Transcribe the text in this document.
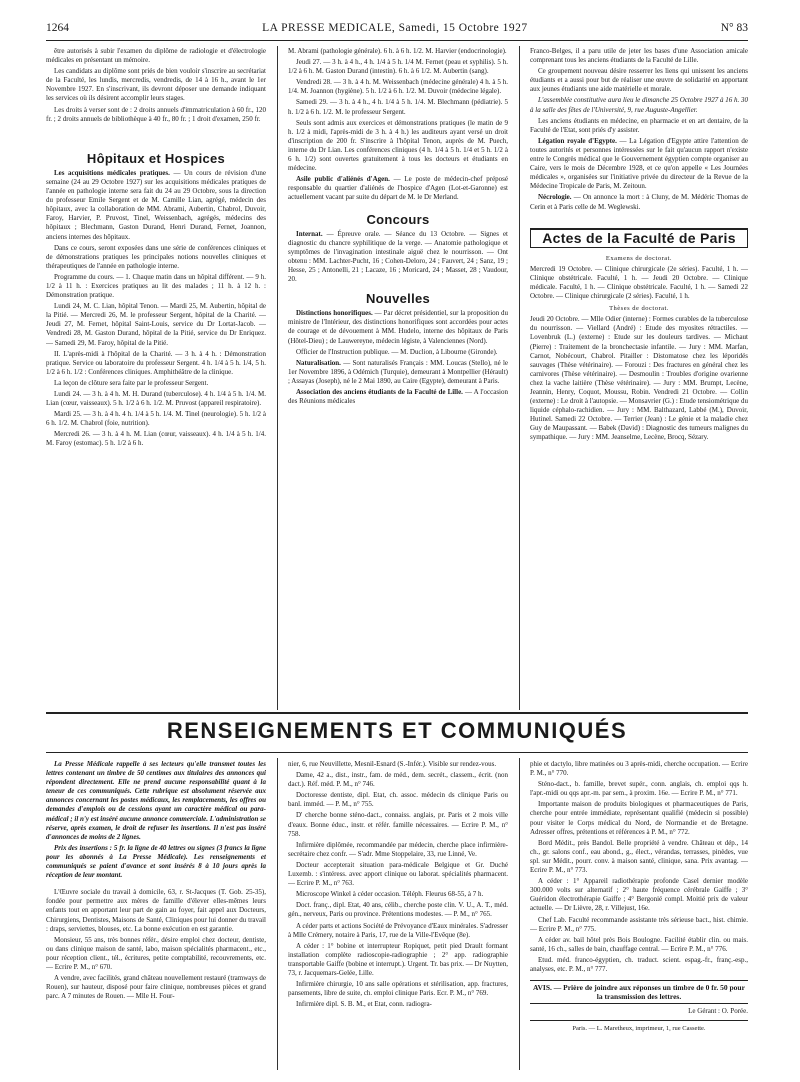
1264	LA PRESSE MEDICALE, Samedi, 15 Octobre 1927	N° 83

être autorisés à subir l'examen du diplôme de radiologie et d'électrologie médicales en présentant un mémoire.

Les candidats au diplôme sont priés de bien vouloir s'inscrire au secrétariat de la Faculté, les lundis, mercredis, vendredis, de 14 à 16 h., avant le 1er Novembre 1927. En s'inscrivant, ils devront déposer une demande indiquant les services où ils désirent accomplir leurs stages.

Les droits à verser sont de : 2 droits annuels d'immatriculation à 60 fr., 120 fr. ; 2 droits annuels de bibliothèque à 40 fr., 80 fr. ; 1 droit d'examen, 250 fr.

Hôpitaux et Hospices

Les acquisitions médicales pratiques. — Un cours de révision d'une semaine (24 au 29 Octobre 1927) sur les acquisitions médicales pratiques de l'année en pathologie interne sera fait du 24 au 29 Octobre, sous la direction du professeur Emile Sergent et de M. Camille Lian, agrégé, médecin des hôpitaux, avec la collaboration de MM. Abrami, Aubertin, Chabrol, Duvoir, Faroy, Harvier, P. Pruvost, Tinel, Weissenbach, agrégés, médecins des hôpitaux ; Blechmann, Gaston Durand, Henri Durand, Fernet, Joannon, anciens internes des hôpitaux.

Dans ce cours, seront exposées dans une série de conférences cliniques et de démonstrations pratiques les principales notions nouvelles cliniques et thérapeutiques de l'année en pathologie interne.

Programme du cours. — 1. Chaque matin dans un hôpital différent. — 9 h. 1/2 à 11 h. : Exercices pratiques au lit des malades ; 11 h. à 12 h. : Démonstration pratique.

Lundi 24, M. C. Lian, hôpital Tenon. — Mardi 25, M. Aubertin, hôpital de la Pitié. — Mercredi 26, M. le professeur Sergent, hôpital de la Charité. — Jeudi 27, M. Fernet, hôpital Saint-Louis, service du Dr Lortat-Jacob. — Vendredi 28, M. Gaston Durand, hôpital de la Pitié, service du Dr Enriquez. — Samedi 29, M. Faroy, hôpital de la Pitié.

II. L'après-midi à l'hôpital de la Charité. — 3 h. à 4 h. : Démonstration pratique. Service ou laboratoire du professeur Sergent. 4 h. 1/4 à 5 h. 1/4, 5 h. 1/2 à 6 h. 1/2 : Conférences cliniques. Amphithéâtre de la clinique.

La leçon de clôture sera faite par le professeur Sergent.

Lundi 24. — 3 h. à 4 h. M. H. Durand (tuberculose). 4 h. 1/4 à 5 h. 1/4. M. Lian (cœur, vaisseaux). 5 h. 1/2 à 6 h. 1/2. M. Pruvost (appareil respiratoire).

Mardi 25. — 3 h. à 4 h. 4 h. 1/4 à 5 h. 1/4. M. Tinel (neurologie). 5 h. 1/2 à 6 h. 1/2. M. Chabrol (foie, nutrition).

Mercredi 26. — 3 h. à 4 h. M. Lian (cœur, vaisseaux). 4 h. 1/4 à 5 h. 1/4. M. Faroy (estomac). 5 h. 1/2 à 6 h.

M. Abrami (pathologie générale). 6 h. à 6 h. 1/2. M. Harvier (endocrinologie).

Jeudi 27. — 3 h. à 4 h., 4 h. 1/4 à 5 h. 1/4 M. Fernet (peau et syphilis). 5 h. 1/2 à 6 h. M. Gaston Durand (intestin). 6 h. à 6 1/2. M. Aubertin (sang).

Vendredi 28. — 3 h. à 4 h. M. Weissenbach (médecine générale) 4 h. à 5 h. 1/4. M. Joannon (hygiène). 5 h. 1/2 à 6 h. 1/2. M. Duvoir (médecine légale).

Samedi 29. — 3 h. à 4 h., 4 h. 1/4 à 5 h. 1/4. M. Blechmann (pédiatrie). 5 h. 1/2 à 6 h. 1/2. M. le professeur Sergent.

Seuls sont admis aux exercices et démonstrations pratiques (le matin de 9 h. 1/2 à midi, l'après-midi de 3 h. à 4 h.) les auditeurs ayant versé un droit d'inscription de 200 fr. S'inscrire à l'hôpital Tenon, auprès de M. Puech, interne du Dr Lian. Les conférences cliniques (4 h. 1/4 à 5 h. 1/4 et 5 h. 1/2 à 6 h. 1/2) sont ouvertes gratuitement à tous les docteurs et étudiants en médecine.

Asile public d'aliénés d'Agen. — Le poste de médecin-chef préposé responsable du quartier d'aliénés de l'hospice d'Agen (Lot-et-Garonne) est actuellement vacant par suite du départ de M. le Dr Merland.

Concours

Internat. — Épreuve orale. — Séance du 13 Octobre. — Signes et diagnostic du chancre syphilitique de la verge. — Anatomie pathologique et symptômes de l'invagination intestinale aiguë chez le nourrisson. — Ont obtenu : MM. Lachter-Pucht, 16 ; Cohen-Deloro, 24 ; Fauvert, 24 ; Sanz, 19 ; Hesse, 25 ; Antonelli, 21 ; Lacaze, 16 ; Moricard, 24 ; Masset, 28 ; Vaudour, 20.

Nouvelles

Distinctions honorifiques. — Par décret présidentiel, sur la proposition du ministre de l'Intérieur, des distinctions honorifiques sont accordées pour actes de courage et de dévouement à MM. Hudelo, interne des hôpitaux de Paris (Hôtel-Dieu) ; de Lauwereyne, médecin légiste, à Valenciennes (Nord).

Officier de l'Instruction publique. — M. Duclion, à Libourne (Gironde).

Naturalisation. — Sont naturalisés Français : MM. Loucas (Stello), né le 1er Novembre 1896, à Odémich (Turquie), demeurant à Montpellier (Hérault) ; Assayas (Joseph), né le 2 Mai 1890, au Caire (Egypte), demeurant à Paris.

Association des anciens étudiants de la Faculté de Lille. — A l'occasion des Réunions médicales

Franco-Belges, il a paru utile de jeter les bases d'une Association amicale comprenant tous les anciens étudiants de la Faculté de Lille.

Ce groupement nouveau désire resserrer les liens qui unissent les anciens étudiants et a aussi pour but de réaliser une œuvre de solidarité en apportant aux jeunes étudiants une aide matérielle et morale.

L'assemblée constitutive aura lieu le dimanche 25 Octobre 1927 à 16 h. 30 à la salle des fêtes de l'Université, 9, rue Auguste-Angellier.

Les anciens étudiants en médecine, en pharmacie et en art dentaire, de la Faculté de l'Etat, sont priés d'y assister.

Légation royale d'Egypte. — La Légation d'Egypte attire l'attention de toutes autorités et personnes intéressées sur le fait qu'aucun rapport n'existe entre le Congrès médical que le Gouvernement égyptien compte organiser au Caire, vers le mois de Décembre 1928, et ce qu'on appelle « Les Journées médicales », organisées sur l'initiative privée du directeur de la Revue de la Médecine Tropicale de Paris, M. Zeitoun.

Nécrologie. — On annonce la mort : à Cluny, de M. Médéric Thomas de Cerin et à Paris celle de M. Weglewski.

Actes de la Faculté de Paris
Examens de doctorat.

Mercredi 19 Octobre. — Clinique chirurgicale (2e séries). Faculté, 1 h. — Clinique obstétricale. Faculté, 1 h. — Jeudi 20 Octobre. — Clinique médicale. Faculté, 1 h. — Clinique obstétricale. Faculté, 1 h. — Samedi 22 Octobre. — Clinique chirurgicale (2 séries). Faculté, 1 h.

Thèses de doctorat.

Jeudi 20 Octobre. — Mlle Odier (interne) : Formes curables de la tuberculose du nourrisson. — Viellard (André) : Etude des myosites rétractiles. — Lovenbruk (L.) (externe) : Etude sur les douleurs tardives. — Michaut (Pierre) : Traitement de la bronchectasie infantile. — Jury : MM. Marfan, Carnot, Nobécourt, Chabrol. Pitailler : Distomatose chez les léporidés sauvages (Thèse vétérinaire). — Forouzi : Des fractures en général chez les carnivores (Thèse vétérinaire). — Desmoulin : Troubles d'origine ovarienne chez la vache laitière (Thèse vétérinaire). — Jury : MM. Brumpt, Lecène, Jeannin, Henry, Coquot, Moussu, Robin. Vendredi 21 Octobre. — Collin (externe) : Le droit à l'autopsie. — Monsavrier (G.) : Etude tensiométrique du liquide céphalo-rachidien. — Jury : MM. Balthazard, Labbé (M.), Duvoir, Hutinel. Samedi 22 Octobre. — Terrier (Jean) : Le génie et la maladie chez Guy de Maupassant. — Babek (David) : Diagnostic des tumeurs malignes du sympathique. — Jury : MM. Jeanselme, Lecène, Brocq, Sézary.

RENSEIGNEMENTS ET COMMUNIQUÉS

La Presse Médicale rappelle à ses lecteurs qu'elle transmet toutes les lettres contenant un timbre de 50 centimes aux titulaires des annonces qui répondent directement. Elle ne prend aucune responsabilité quant à la teneur de ces communiqués. Cette rubrique est absolument réservée aux annonces concernant les postes médicaux, les remplacements, les offres ou demandes d'emplois ou de cessions ayant un caractère médical ou para-médical ; il n'y est inséré aucune annonce commerciale. L'administration se réserve, après examen, le droit de refuser les insertions. Il n'est pas inséré d'annonces de moins de 2 lignes.

Prix des insertions : 5 fr. la ligne de 40 lettres ou signes (3 francs la ligne pour les abonnés à La Presse Médicale). Les renseignements et communiqués se paient d'avance et sont insérés 8 à 10 jours après la réception de leur montant.

L'Œuvre sociale du travail à domicile, 63, r. St-Jacques (T. Gob. 25-35), fondée pour permettre aux mères de famille d'élever elles-mêmes leurs enfants tout en apportant leur part de gain au foyer, fait appel aux Docteurs, Chirurgiens, Dentistes, Maisons de Santé, Cliniques pour lui donner du travail : draps, serviettes, blouses, etc. La bonne exécution en est garantie.

Monsieur, 55 ans, très bonnes référ., désire emploi chez docteur, dentiste, ou dans clinique maison de santé, labo, maison spécialités pharmacent., etc., pour réception client., tél., écritures, petite comptabilité, recouvrements, etc. — Ecrire P. M., n° 670.

A vendre, avec facilités, grand château nouvellement restauré (tramways de Rouen), sur hauteur, disposé pour faire clinique, nombreuses pièces et grand parc. A 7 minutes de Rouen. — Mlle H. Four-

nier, 6, rue Neuvillette, Mesnil-Esnard (S.-Infér.). Visible sur rendez-vous.

Dame, 42 a., dist., instr., fam. de méd., dem. secrét., classem., écrit. (non dact.). Réf. méd. P. M., n° 746.

Doctoresse dentiste, dipl. Etat, ch. assoc. médecin ds clinique Paris ou banl. imméd. — P. M., n° 755.

D' cherche bonne sténo-dact., connaiss. anglais, pr. Paris et 2 mois ville d'eaux. Bonne éduc., instr. et référ. famille nécessaires. — Ecrire P. M., n° 758.

Infirmière diplômée, recommandée par médecin, cherche place infirmière-secrétaire chez confr. — S'adr. Mme Stoppelaire, 33, rue Linné, Ve.

Docteur accepterait situation para-médicale Belgique et Gr. Duché Luxemb. : s'intéress. avec apport clinique ou laborat. spécialités pharmacent. — Ecrire P. M., n° 763.

Microscope Winkel à céder occasion. Téléph. Fleurus 68-55, à 7 h.

Doct. franç., dipl. Etat, 40 ans, célib., cherche poste clin. V. U., A. T., méd. gén., nerveux, Paris ou province. Prétentions modestes. — P. M., n° 765.

A céder parts et actions Société de Prévoyance d'Eaux minérales. S'adresser à Mlle Crémery, notaire à Paris, 17, rue de la Ville-l'Evêque (8e).

A céder : 1° bobine et interrupteur Ropiquet, petit pied Drault formant installation complète radioscopie-radiographie ; 2° app. radiographie transportable Gaiffe (bobine et interrupt.). Urgent. Tr. bas prix. — Dr Nuytten, 73, r. Jacquemars-Gelée, Lille.

Infirmière chirurgie, 10 ans salle opérations et stérilisation, app. fractures, pansements, libre de suite, ch. emploi clinique Paris. Ecr. P. M., n° 769.

Infirmière dipl. S. B. M., et Etat, conn. radiogra-

phie et dactylo, libre matinées ou 3 après-midi, cherche occupation. — Ecrire P. M., n° 770.

Sténo-dact., b. famille, brevet supér., conn. anglais, ch. emploi qqs h. l'apr.-midi ou qqs apr.-m. par sem., à proxim. 16e. — Ecrire P. M., n° 771.

Importante maison de produits biologiques et pharmaceutiques de Paris, cherche pour entrée immédiate, représentant qualifié (médecin si possible) pour visiter le Corps médical du Nord, de Normandie et de Bretagne. Adresser offres, prétentions et références à P. M., n° 772.

Bord Médit., près Bandol. Belle propriété à vendre. Château et dép., 14 ch., gr. salons conf., eau abond., g., élect., vérandas, terrasses, pinèdes, vue spl. sur Médit., pourr. conv. à maison santé, clinique, sana. Prix avantag. — Ecrire P. M., n° 773.

A céder : 1° Appareil radiothérapie profonde Casel dernier modèle 300.000 volts sur alternatif ; 2° haute fréquence cérébrale Gaiffe ; 3° Guéridon électrothérapie Gaiffe ; 4° Bergonié compl. Moitié prix de valeur actuelle. — Dr Lièvre, 28, r. Villejust, 16e.

Chef Lab. Faculté recommande assistante très sérieuse bact., hist. chimie. — Ecrire P. M., n° 775.

A céder av. bail hôtel près Bois Boulogne. Facilité établir clin. ou mais. santé, 16 ch., salles de bain, chauffage central. — Ecrire P. M., n° 776.

Etud. méd. franco-égyptien, ch. traduct. scient. espag.-fr., franç.-esp., analyses, etc. P. M., n° 777.

AVIS. — Prière de joindre aux réponses un timbre de 0 fr. 50 pour la transmission des lettres.
Le Gérant : O. Porée.
Paris. — L. Maretheux, imprimeur, 1, rue Cassette.
